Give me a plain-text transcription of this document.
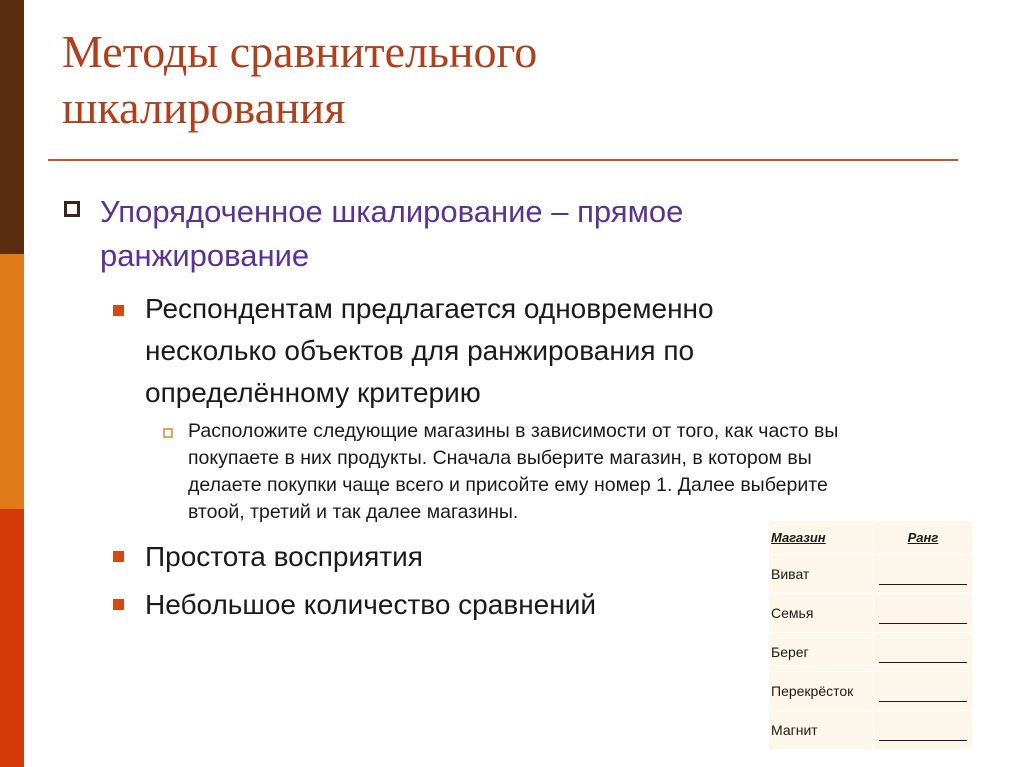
Методы сравнительного
шкалирования
Упорядоченное шкалирование – прямое
ранжирование
Респондентам предлагается одновременно
несколько объектов для ранжирования по
определённому критерию
Расположите следующие магазины в зависимости от того, как часто вы
покупаете в них продукты. Сначала выберите магазин, в котором вы
делаете покупки чаще всего и присойте ему номер 1. Далее выберите
втоой, третий и так далее магазины.
Простота восприятия
Небольшое количество сравнений
Магазин	Ранг
Виват	
Семья	
Берег	
Перекрёсток	
Магнит	
